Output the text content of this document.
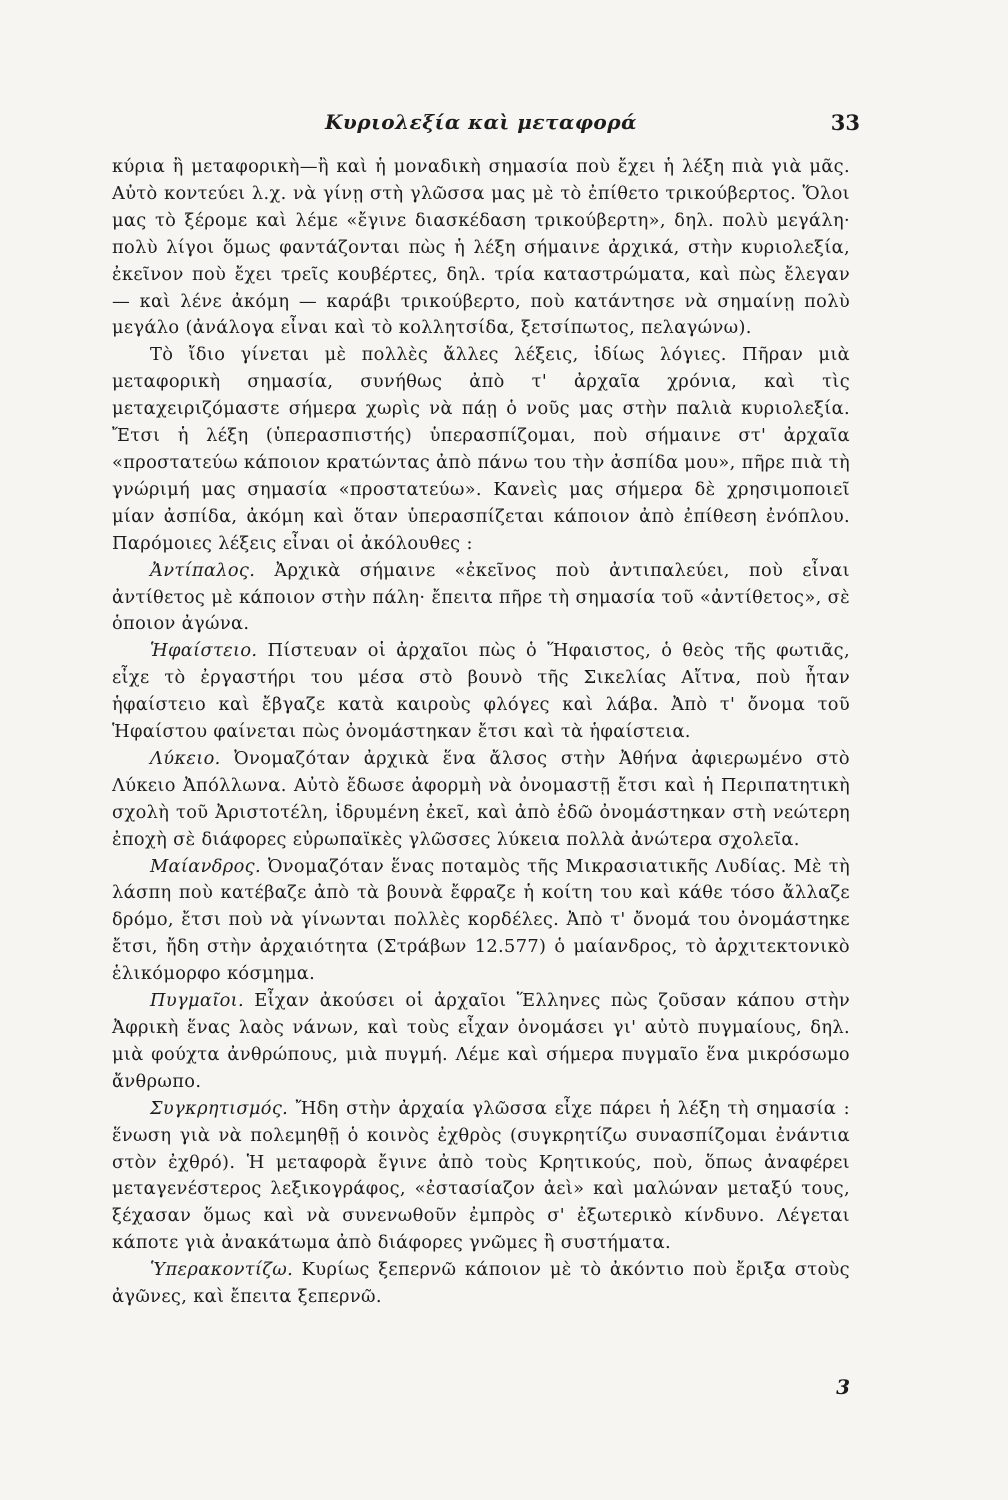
Κυριολεξία καὶ μεταφορά	33

κύρια ἢ μεταφορικὴ—ἢ καὶ ἡ μοναδικὴ σημασία ποὺ ἔχει ἡ λέξη πιὰ γιὰ μᾶς. Αὐτὸ κοντεύει λ.χ. νὰ γίνῃ στὴ γλῶσσα μας μὲ τὸ ἐπίθετο τρικούβερτος. Ὅλοι μας τὸ ξέρομε καὶ λέμε «ἔγινε διασκέδαση τρικούβερτη», δηλ. πολὺ μεγάλη· πολὺ λίγοι ὅμως φαντάζονται πὼς ἡ λέξη σήμαινε ἀρχικά, στὴν κυριολεξία, ἐκεῖνον ποὺ ἔχει τρεῖς κουβέρτες, δηλ. τρία καταστρώματα, καὶ πὼς ἔλεγαν — καὶ λένε ἀκόμη — καράβι τρικούβερτο, ποὺ κατάντησε νὰ σημαίνῃ πολὺ μεγάλο (ἀνάλογα εἶναι καὶ τὸ κολλητσίδα, ξετσίπωτος, πελαγώνω).

Τὸ ἴδιο γίνεται μὲ πολλὲς ἄλλες λέξεις, ἰδίως λόγιες. Πῆραν μιὰ μεταφορικὴ σημασία, συνήθως ἀπὸ τ' ἀρχαῖα χρόνια, καὶ τὶς μεταχειριζόμαστε σήμερα χωρὶς νὰ πάῃ ὁ νοῦς μας στὴν παλιὰ κυριολεξία. Ἔτσι ἡ λέξη (ὑπερασπιστής) ὑπερασπίζομαι, ποὺ σήμαινε στ' ἀρχαῖα «προστατεύω κάποιον κρατώντας ἀπὸ πάνω του τὴν ἀσπίδα μου», πῆρε πιὰ τὴ γνώριμή μας σημασία «προστατεύω». Κανεὶς μας σήμερα δὲ χρησιμοποιεῖ μίαν ἀσπίδα, ἀκόμη καὶ ὅταν ὑπερασπίζεται κάποιον ἀπὸ ἐπίθεση ἐνόπλου. Παρόμοιες λέξεις εἶναι οἱ ἀκόλουθες :

Ἀντίπαλος. Ἀρχικὰ σήμαινε «ἐκεῖνος ποὺ ἀντιπαλεύει, ποὺ εἶναι ἀντίθετος μὲ κάποιον στὴν πάλη· ἔπειτα πῆρε τὴ σημασία τοῦ «ἀντίθετος», σὲ ὁποιον ἀγώνα.

Ἡφαίστειο. Πίστευαν οἱ ἀρχαῖοι πὼς ὁ Ἥφαιστος, ὁ θεὸς τῆς φωτιᾶς, εἶχε τὸ ἐργαστήρι του μέσα στὸ βουνὸ τῆς Σικελίας Αἴτνα, ποὺ ἦταν ἡφαίστειο καὶ ἔβγαζε κατὰ καιροὺς φλόγες καὶ λάβα. Ἀπὸ τ' ὄνομα τοῦ Ἡφαίστου φαίνεται πὼς ὀνομάστηκαν ἔτσι καὶ τὰ ἡφαίστεια.

Λύκειο. Ὀνομαζόταν ἀρχικὰ ἕνα ἄλσος στὴν Ἀθήνα ἀφιερωμένο στὸ Λύκειο Ἀπόλλωνα. Αὐτὸ ἔδωσε ἀφορμὴ νὰ ὀνομαστῇ ἔτσι καὶ ἡ Περιπατητικὴ σχολὴ τοῦ Ἀριστοτέλη, ἱδρυμένη ἐκεῖ, καὶ ἀπὸ ἐδῶ ὀνομάστηκαν στὴ νεώτερη ἐποχὴ σὲ διάφορες εὐρωπαϊκὲς γλῶσσες λύκεια πολλὰ ἀνώτερα σχολεῖα.

Μαίανδρος. Ὀνομαζόταν ἕνας ποταμὸς τῆς Μικρασιατικῆς Λυδίας. Μὲ τὴ λάσπη ποὺ κατέβαζε ἀπὸ τὰ βουνὰ ἔφραζε ἡ κοίτη του καὶ κάθε τόσο ἄλλαζε δρόμο, ἔτσι ποὺ νὰ γίνωνται πολλὲς κορδέλες. Ἀπὸ τ' ὄνομά του ὀνομάστηκε ἔτσι, ἤδη στὴν ἀρχαιότητα (Στράβων 12.577) ὁ μαίανδρος, τὸ ἀρχιτεκτονικὸ ἑλικόμορφο κόσμημα.

Πυγμαῖοι. Εἶχαν ἀκούσει οἱ ἀρχαῖοι Ἕλληνες πὼς ζοῦσαν κάπου στὴν Ἀφρικὴ ἕνας λαὸς νάνων, καὶ τοὺς εἶχαν ὀνομάσει γι' αὐτὸ πυγμαίους, δηλ. μιὰ φούχτα ἀνθρώπους, μιὰ πυγμή. Λέμε καὶ σήμερα πυγμαῖο ἕνα μικρόσωμο ἄνθρωπο.

Συγκρητισμός. Ἤδη στὴν ἀρχαία γλῶσσα εἶχε πάρει ἡ λέξη τὴ σημασία : ἕνωση γιὰ νὰ πολεμηθῇ ὁ κοινὸς ἐχθρὸς (συγκρητίζω συνασπίζομαι ἐνάντια στὸν ἐχθρό). Ἡ μεταφορὰ ἔγινε ἀπὸ τοὺς Κρητικούς, ποὺ, ὅπως ἀναφέρει μεταγενέστερος λεξικογράφος, «ἐστασίαζον ἀεὶ» καὶ μαλώναν μεταξύ τους, ξέχασαν ὅμως καὶ νὰ συνενωθοῦν ἐμπρὸς σ' ἐξωτερικὸ κίνδυνο. Λέγεται κάποτε γιὰ ἀνακάτωμα ἀπὸ διάφορες γνῶμες ἢ συστήματα.

Ὑπερακοντίζω. Κυρίως ξεπερνῶ κάποιον μὲ τὸ ἀκόντιο ποὺ ἔριξα στοὺς ἀγῶνες, καὶ ἔπειτα ξεπερνῶ.

3
